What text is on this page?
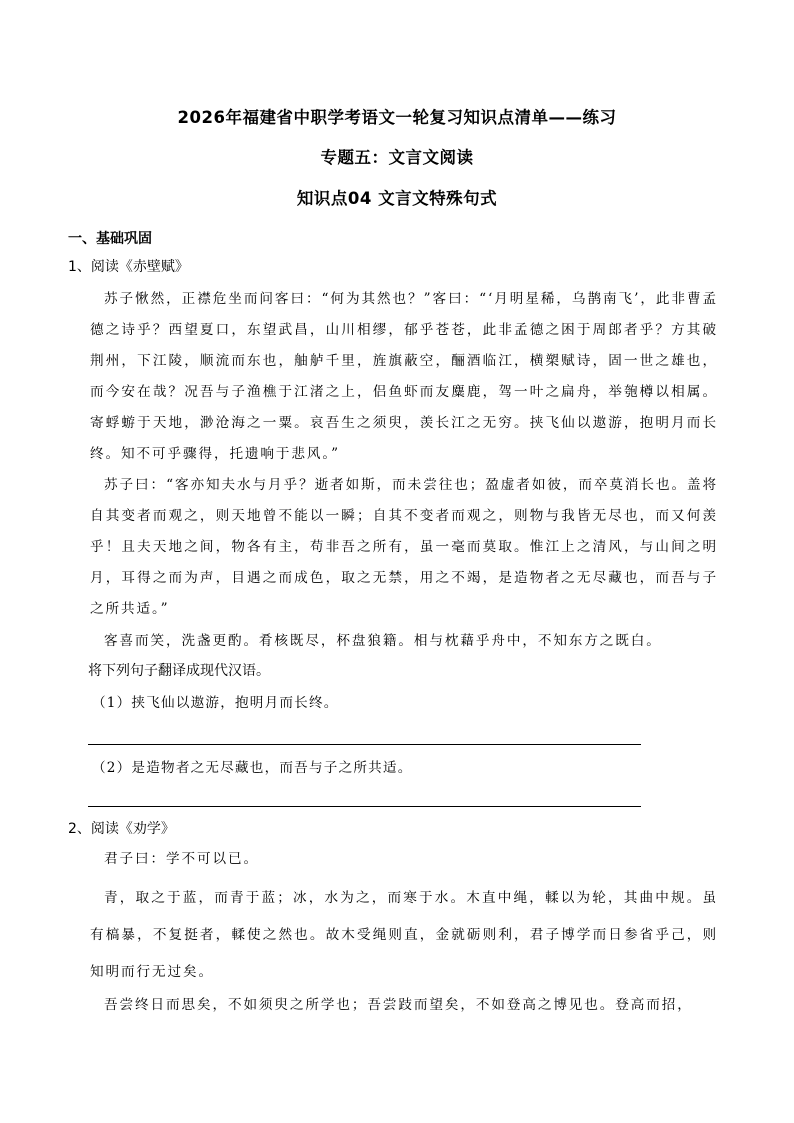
2026年福建省中职学考语文一轮复习知识点清单——练习
专题五：文言文阅读
知识点04 文言文特殊句式
一、基础巩固
1、阅读《赤壁赋》
苏子愀然，正襟危坐而问客曰：“何为其然也？”客曰：“‘月明星稀，乌鹊南飞’，此非曹孟德之诗乎？西望夏口，东望武昌，山川相缪，郁乎苍苍，此非孟德之困于周郎者乎？方其破荆州，下江陵，顺流而东也，舳舻千里，旌旗蔽空，酾酒临江，横槊赋诗，固一世之雄也，而今安在哉？况吾与子渔樵于江渚之上，侣鱼虾而友麋鹿，驾一叶之扁舟，举匏樽以相属。寄蜉蝣于天地，渺沧海之一粟。哀吾生之须臾，羡长江之无穷。挟飞仙以遨游，抱明月而长终。知不可乎骤得，托遗响于悲风。”
苏子曰：“客亦知夫水与月乎？逝者如斯，而未尝往也；盈虚者如彼，而卒莫消长也。盖将自其变者而观之，则天地曾不能以一瞬；自其不变者而观之，则物与我皆无尽也，而又何羡乎！且夫天地之间，物各有主，苟非吾之所有，虽一毫而莫取。惟江上之清风，与山间之明月，耳得之而为声，目遇之而成色，取之无禁，用之不竭，是造物者之无尽藏也，而吾与子之所共适。”
客喜而笑，洗盏更酌。肴核既尽，杯盘狼籍。相与枕藉乎舟中，不知东方之既白。
将下列句子翻译成现代汉语。
（1）挟飞仙以遨游，抱明月而长终。
（2）是造物者之无尽藏也，而吾与子之所共适。
2、阅读《劝学》
君子曰：学不可以已。
青，取之于蓝，而青于蓝；冰，水为之，而寒于水。木直中绳，輮以为轮，其曲中规。虽有槁暴，不复挺者，輮使之然也。故木受绳则直，金就砺则利，君子博学而日参省乎己，则知明而行无过矣。
吾尝终日而思矣，不如须臾之所学也；吾尝跂而望矣，不如登高之博见也。登高而招，
